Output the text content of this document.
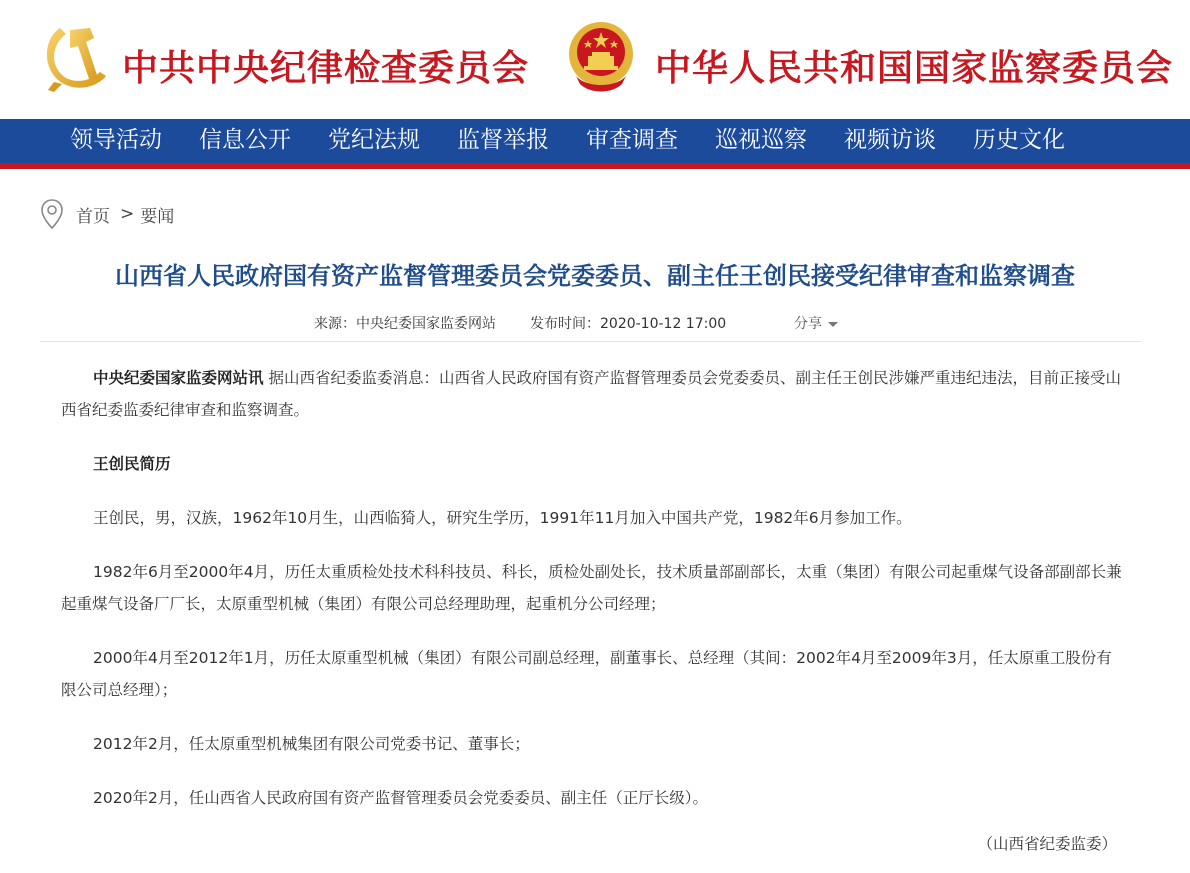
中共中央纪律检查委员会	中华人民共和国国家监察委员会
领导活动 信息公开 党纪法规 监督举报 审查调查 巡视巡察 视频访谈 历史文化
首页 > 要闻
山西省人民政府国有资产监督管理委员会党委委员、副主任王创民接受纪律审查和监察调查
来源：中央纪委国家监委网站 发布时间：2020-10-12 17:00	分享

中央纪委国家监委网站讯 据山西省纪委监委消息：山西省人民政府国有资产监督管理委员会党委委员、副主任王创民涉嫌严重违纪违法，目前正接受山西省纪委监委纪律审查和监察调查。

王创民简历

王创民，男，汉族，1962年10月生，山西临猗人，研究生学历，1991年11月加入中国共产党，1982年6月参加工作。

1982年6月至2000年4月，历任太重质检处技术科科技员、科长，质检处副处长，技术质量部副部长，太重（集团）有限公司起重煤气设备部副部长兼起重煤气设备厂厂长，太原重型机械（集团）有限公司总经理助理，起重机分公司经理；

2000年4月至2012年1月，历任太原重型机械（集团）有限公司副总经理，副董事长、总经理（其间：2002年4月至2009年3月，任太原重工股份有限公司总经理）；

2012年2月，任太原重型机械集团有限公司党委书记、董事长；

2020年2月，任山西省人民政府国有资产监督管理委员会党委委员、副主任（正厅长级）。

（山西省纪委监委）
